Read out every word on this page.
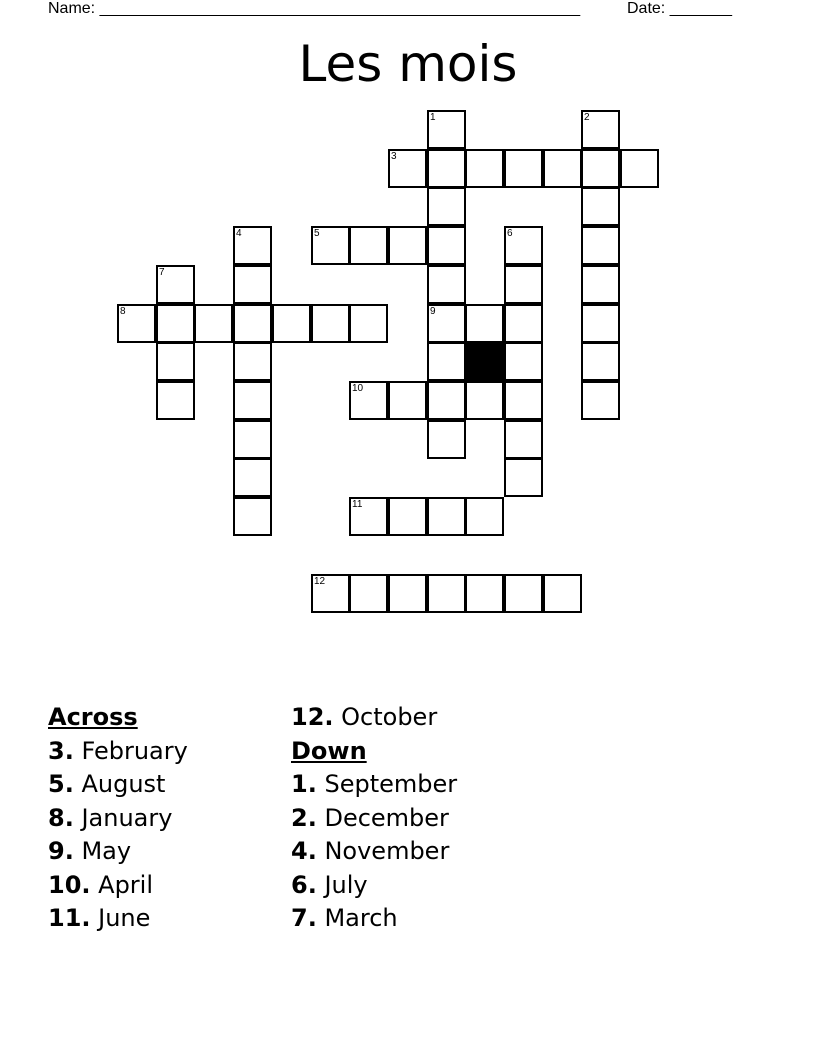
Name: ______________________________________________________	Date: _______
Les mois
1	2
3
4	5	6
7
8	9
10
11
12
Across
3. February
5. August
8. January
9. May
10. April
11. June
12. October
Down
1. September
2. December
4. November
6. July
7. March
